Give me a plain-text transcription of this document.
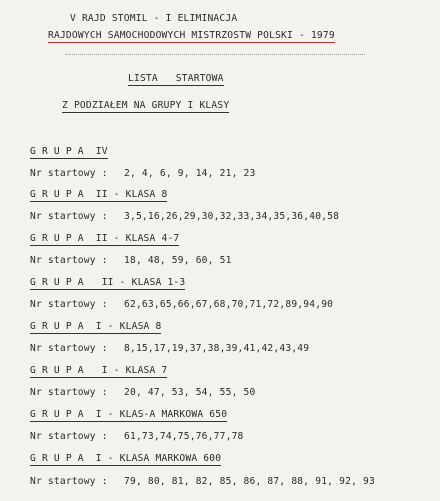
V RAJD STOMIL - I ELIMINACJA
RAJDOWYCH SAMOCHODOWYCH MISTRZOSTW POLSKI - 1979
LISTA   STARTOWA
Z PODZIAŁEM NA GRUPY I KLASY
G R U P A  IV
Nr startowy : 2, 4, 6, 9, 14, 21, 23
G R U P A  II - KLASA 8
Nr startowy : 3,5,16,26,29,30,32,33,34,35,36,40,58
G R U P A  II - KLASA 4-7
Nr startowy : 18, 48, 59, 60, 51
G R U P A   II - KLASA 1-3
Nr startowy : 62,63,65,66,67,68,70,71,72,89,94,90
G R U P A  I - KLASA 8
Nr startowy : 8,15,17,19,37,38,39,41,42,43,49
G R U P A   I - KLASA 7
Nr startowy : 20, 47, 53, 54, 55, 50
G R U P A  I - KLAS-A MARKOWA 650
Nr startowy : 61,73,74,75,76,77,78
G R U P A  I - KLASA MARKOWA 600
Nr startowy : 79, 80, 81, 82, 85, 86, 87, 88, 91, 92, 93
